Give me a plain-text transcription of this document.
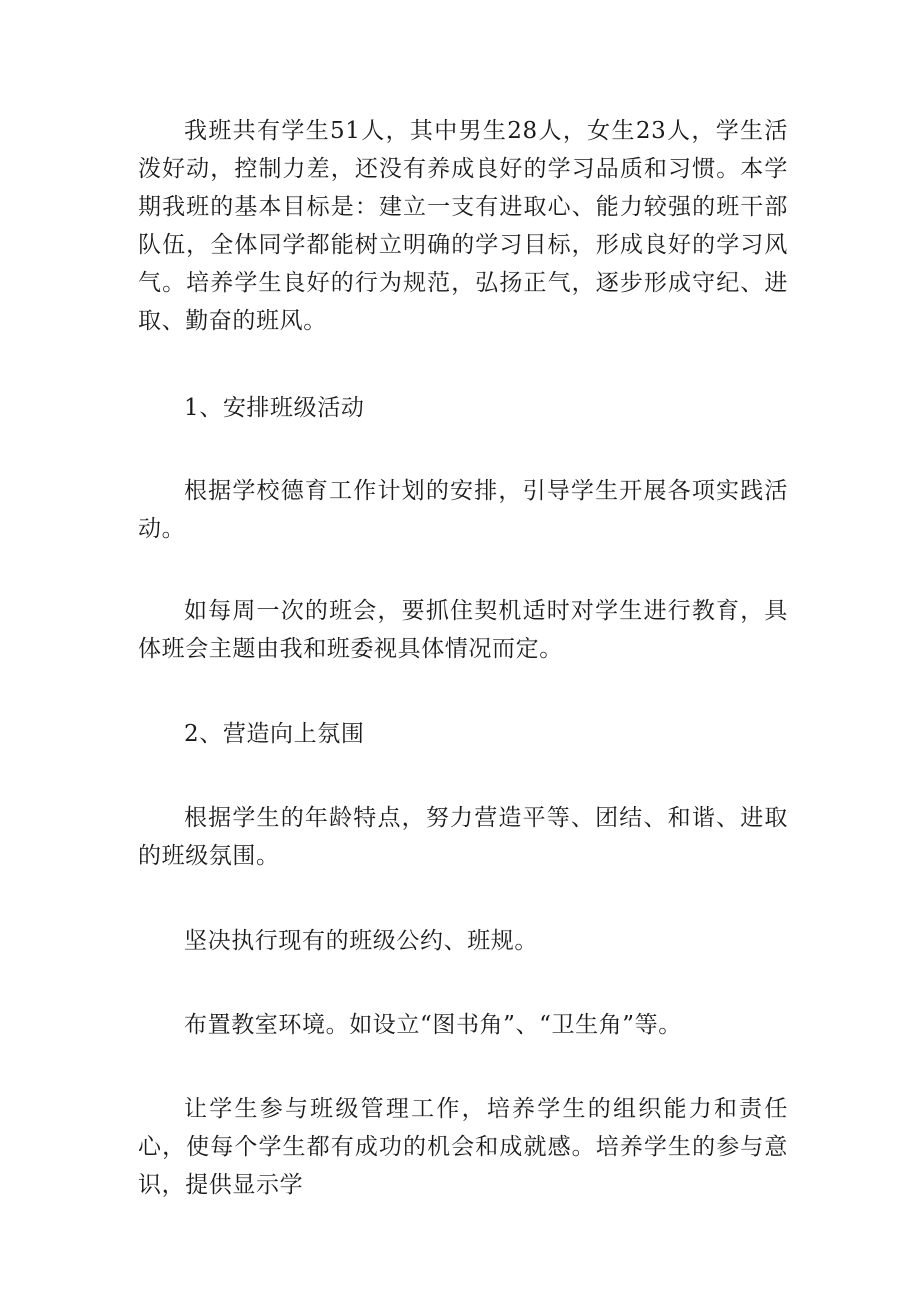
我班共有学生51人，其中男生28人，女生23人，学生活泼好动，控制力差，还没有养成良好的学习品质和习惯。本学期我班的基本目标是：建立一支有进取心、能力较强的班干部队伍，全体同学都能树立明确的学习目标，形成良好的学习风气。培养学生良好的行为规范，弘扬正气，逐步形成守纪、进取、勤奋的班风。

1、安排班级活动

根据学校德育工作计划的安排，引导学生开展各项实践活动。

如每周一次的班会，要抓住契机适时对学生进行教育，具体班会主题由我和班委视具体情况而定。

2、营造向上氛围

根据学生的年龄特点，努力营造平等、团结、和谐、进取的班级氛围。

坚决执行现有的班级公约、班规。

布置教室环境。如设立“图书角”、“卫生角”等。

让学生参与班级管理工作，培养学生的组织能力和责任心，使每个学生都有成功的机会和成就感。培养学生的参与意识，提供显示学
